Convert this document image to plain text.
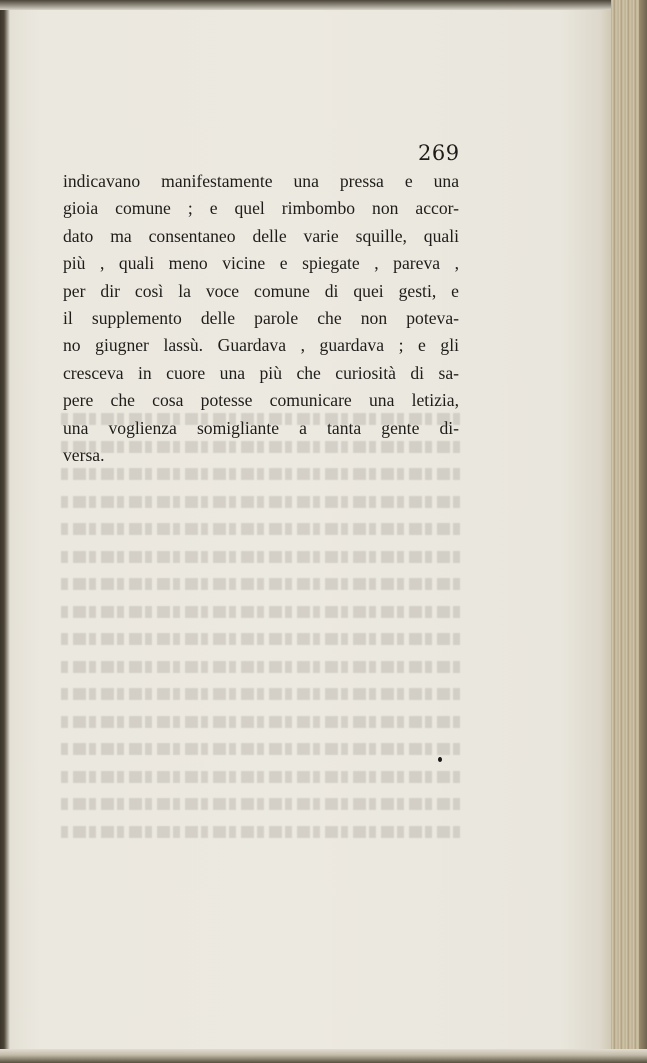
269
indicavano manifestamente una pressa e una
gioia comune ; e quel rimbombo non accor-
dato ma consentaneo delle varie squille, quali
più , quali meno vicine e spiegate , pareva ,
per dir così la voce comune di quei gesti, e
il supplemento delle parole che non poteva-
no giugner lassù. Guardava , guardava ; e gli
cresceva in cuore una più che curiosità di sa-
pere che cosa potesse comunicare una letizia,
una voglienza somigliante a tanta gente di-
versa.
